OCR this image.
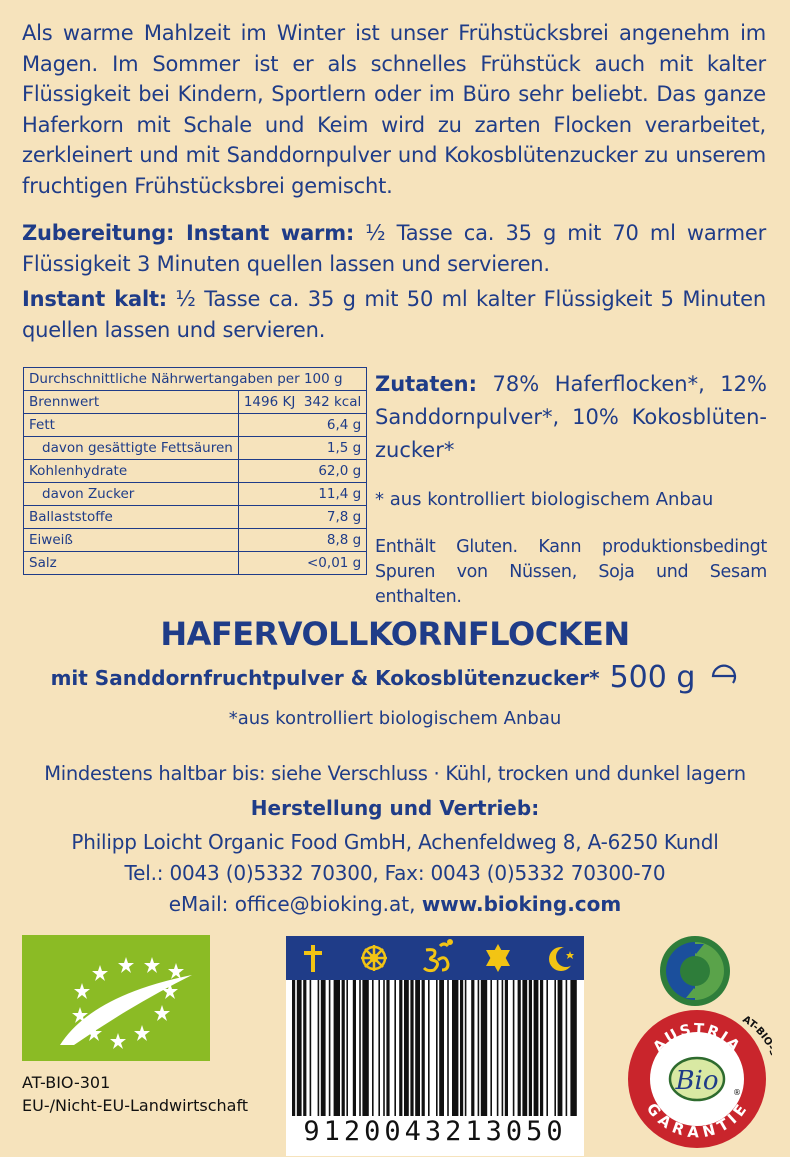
Als warme Mahlzeit im Winter ist unser Frühstücksbrei angenehm im Magen. Im Sommer ist er als schnelles Frühstück auch mit kalter Flüssigkeit bei Kindern, Sportlern oder im Büro sehr beliebt. Das ganze Haferkorn mit Schale und Keim wird zu zarten Flocken verarbeitet, zerkleinert und mit Sanddornpulver und Kokosblütenzucker zu unserem fruchtigen Frühstücksbrei gemischt.
Zubereitung: Instant warm: ½ Tasse ca. 35 g mit 70 ml warmer Flüssigkeit 3 Minuten quellen lassen und servieren.
Instant kalt: ½ Tasse ca. 35 g mit 50 ml kalter Flüssigkeit 5 Minuten quellen lassen und servieren.
Durchschnittliche Nährwertangaben per 100 g	
Brennwert	1496 KJ 342 kcal
Fett	6,4 g
davon gesättigte Fettsäuren	1,5 g
Kohlenhydrate	62,0 g
davon Zucker	11,4 g
Ballaststoffe	7,8 g
Eiweiß	8,8 g
Salz	<0,01 g
Zutaten: 78% Haferflocken*, 12% Sanddornpulver*, 10% Kokosblüten-zucker*
* aus kontrolliert biologischem Anbau
Enthält Gluten. Kann produktionsbedingt Spuren von Nüssen, Soja und Sesam enthalten.
HAFERVOLLKORNFLOCKEN
mit Sanddornfruchtpulver & Kokosblütenzucker* 500 g
*aus kontrolliert biologischem Anbau
Mindestens haltbar bis: siehe Verschluss · Kühl, trocken und dunkel lagern
Herstellung und Vertrieb:
Philipp Loicht Organic Food GmbH, Achenfeldweg 8, A-6250 Kundl
Tel.: 0043 (0)5332 70300, Fax: 0043 (0)5332 70300-70
eMail: office@bioking.at, www.bioking.com
AT-BIO-301
EU-/Nicht-EU-Landwirtschaft
9120043213050
AUSTRIA
GARANTIE
Bio ®
AT-BI
